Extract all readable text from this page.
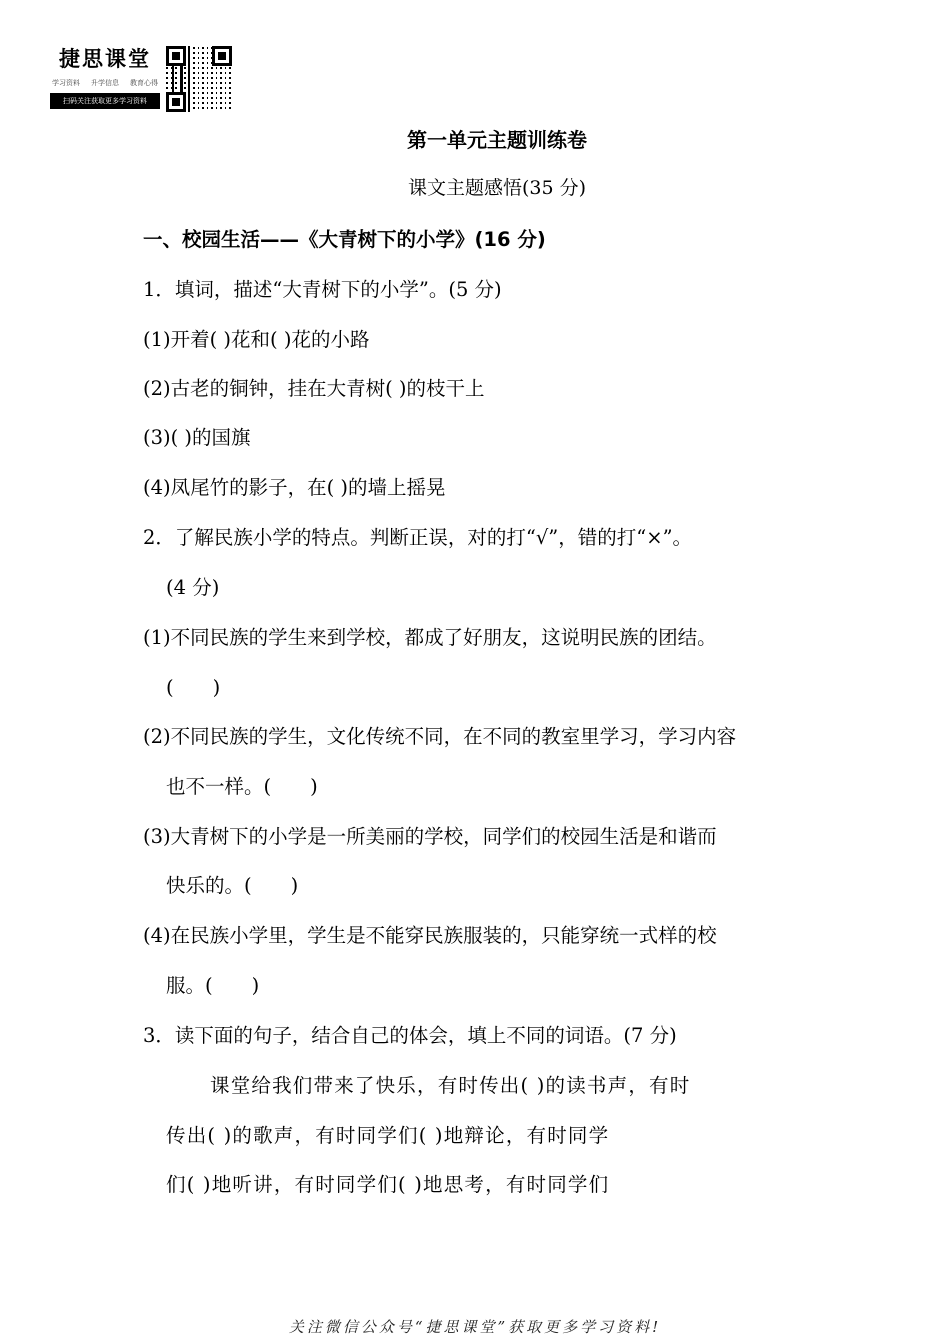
捷思课堂
学习资料 升学信息 教育心得
扫码关注获取更多学习资料
第一单元主题训练卷
课文主题感悟(35 分)
一、校园生活——《大青树下的小学》(16 分)
1．填词，描述“大青树下的小学”。(5 分)
(1)开着( )花和( )花的小路
(2)古老的铜钟，挂在大青树( )的枝干上
(3)( )的国旗
(4)凤尾竹的影子，在( )的墙上摇晃
2．了解民族小学的特点。判断正误，对的打“√”，错的打“×”。
(4 分)
(1)不同民族的学生来到学校，都成了好朋友，这说明民族的团结。
(　　)
(2)不同民族的学生，文化传统不同，在不同的教室里学习，学习内容
也不一样。(　　)
(3)大青树下的小学是一所美丽的学校，同学们的校园生活是和谐而
快乐的。(　　)
(4)在民族小学里，学生是不能穿民族服装的，只能穿统一式样的校
服。(　　)
3．读下面的句子，结合自己的体会，填上不同的词语。(7 分)
课堂给我们带来了快乐，有时传出( )的读书声，有时
传出( )的歌声，有时同学们( )地辩论，有时同学
们( )地听讲，有时同学们( )地思考，有时同学们
关注微信公众号“捷思课堂”获取更多学习资料!
